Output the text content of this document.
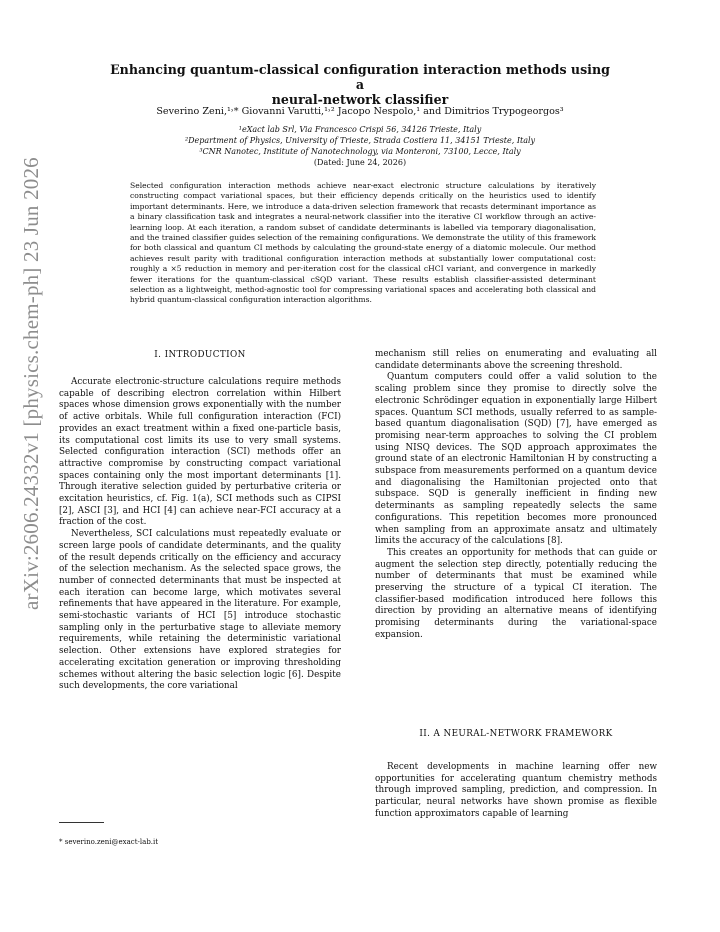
arXiv:2606.24332v1 [physics.chem-ph] 23 Jun 2026
Enhancing quantum-classical configuration interaction methods using a
neural-network classifier
Severino Zeni,¹˒* Giovanni Varutti,¹˒² Jacopo Nespolo,¹ and Dimitrios Trypogeorgos³
¹eXact lab Srl, Via Francesco Crispi 56, 34126 Trieste, Italy
²Department of Physics, University of Trieste, Strada Costiera 11, 34151 Trieste, Italy
³CNR Nanotec, Institute of Nanotechnology, via Monteroni, 73100, Lecce, Italy
(Dated: June 24, 2026)
Selected configuration interaction methods achieve near-exact electronic structure calculations by iteratively constructing compact variational spaces, but their efficiency depends critically on the heuristics used to identify important determinants. Here, we introduce a data-driven selection framework that recasts determinant importance as a binary classification task and integrates a neural-network classifier into the iterative CI workflow through an active-learning loop. At each iteration, a random subset of candidate determinants is labelled via temporary diagonalisation, and the trained classifier guides selection of the remaining configurations. We demonstrate the utility of this framework for both classical and quantum CI methods by calculating the ground-state energy of a diatomic molecule. Our method achieves result parity with traditional configuration interaction methods at substantially lower computational cost: roughly a ×5 reduction in memory and per-iteration cost for the classical cHCI variant, and convergence in markedly fewer iterations for the quantum-classical cSQD variant. These results establish classifier-assisted determinant selection as a lightweight, method-agnostic tool for compressing variational spaces and accelerating both classical and hybrid quantum-classical configuration interaction algorithms.
I. INTRODUCTION

Accurate electronic-structure calculations require methods capable of describing electron correlation within Hilbert spaces whose dimension grows exponentially with the number of active orbitals. While full configuration interaction (FCI) provides an exact treatment within a fixed one-particle basis, its computational cost limits its use to very small systems. Selected configuration interaction (SCI) methods offer an attractive compromise by constructing compact variational spaces containing only the most important determinants [1]. Through iterative selection guided by perturbative criteria or excitation heuristics, cf. Fig. 1(a), SCI methods such as CIPSI [2], ASCI [3], and HCI [4] can achieve near-FCI accuracy at a fraction of the cost.

Nevertheless, SCI calculations must repeatedly evaluate or screen large pools of candidate determinants, and the quality of the result depends critically on the efficiency and accuracy of the selection mechanism. As the selected space grows, the number of connected determinants that must be inspected at each iteration can become large, which motivates several refinements that have appeared in the literature. For example, semi-stochastic variants of HCI [5] introduce stochastic sampling only in the perturbative stage to alleviate memory requirements, while retaining the deterministic variational selection. Other extensions have explored strategies for accelerating excitation generation or improving thresholding schemes without altering the basic selection logic [6]. Despite such developments, the core variational

mechanism still relies on enumerating and evaluating all candidate determinants above the screening threshold.

Quantum computers could offer a valid solution to the scaling problem since they promise to directly solve the electronic Schrödinger equation in exponentially large Hilbert spaces. Quantum SCI methods, usually referred to as sample-based quantum diagonalisation (SQD) [7], have emerged as promising near-term approaches to solving the CI problem using NISQ devices. The SQD approach approximates the ground state of an electronic Hamiltonian H by constructing a subspace from measurements performed on a quantum device and diagonalising the Hamiltonian projected onto that subspace. SQD is generally inefficient in finding new determinants as sampling repeatedly selects the same configurations. This repetition becomes more pronounced when sampling from an approximate ansatz and ultimately limits the accuracy of the calculations [8].

This creates an opportunity for methods that can guide or augment the selection step directly, potentially reducing the number of determinants that must be examined while preserving the structure of a typical CI iteration. The classifier-based modification introduced here follows this direction by providing an alternative means of identifying promising determinants during the variational-space expansion.

II. A NEURAL-NETWORK FRAMEWORK

Recent developments in machine learning offer new opportunities for accelerating quantum chemistry methods through improved sampling, prediction, and compression. In particular, neural networks have shown promise as flexible function approximators capable of learning

* severino.zeni@exact-lab.it
